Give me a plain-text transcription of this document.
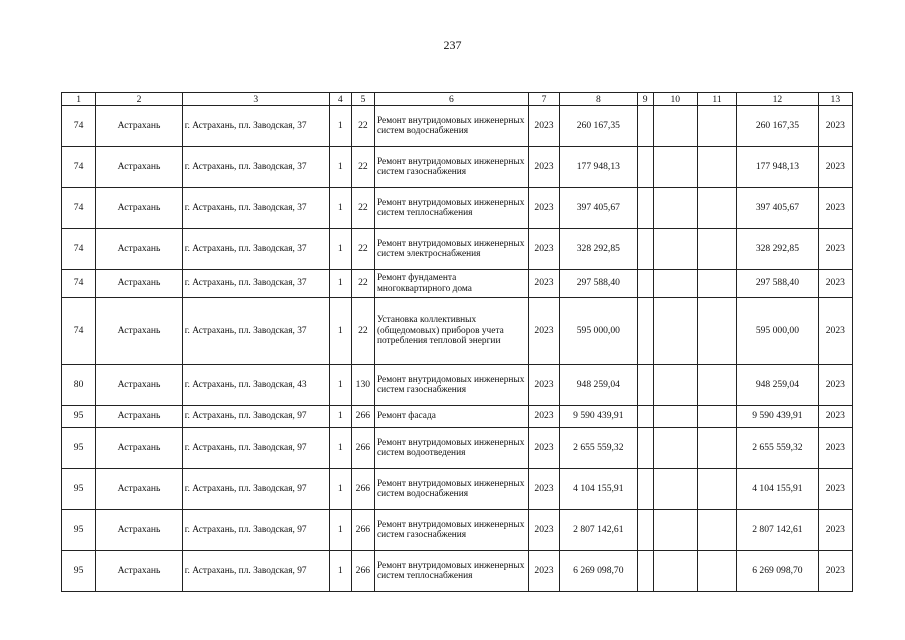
237
1	2	3	4	5	6	7	8	9	10	11	12	13
74	Астрахань	г. Астрахань, пл. Заводская, 37	1	22	Ремонт внутридомовых инженерных систем водоснабжения	2023	260 167,35				260 167,35	2023
74	Астрахань	г. Астрахань, пл. Заводская, 37	1	22	Ремонт внутридомовых инженерных систем газоснабжения	2023	177 948,13				177 948,13	2023
74	Астрахань	г. Астрахань, пл. Заводская, 37	1	22	Ремонт внутридомовых инженерных систем теплоснабжения	2023	397 405,67				397 405,67	2023
74	Астрахань	г. Астрахань, пл. Заводская, 37	1	22	Ремонт внутридомовых инженерных систем электроснабжения	2023	328 292,85				328 292,85	2023
74	Астрахань	г. Астрахань, пл. Заводская, 37	1	22	Ремонт фундамента многоквартирного дома	2023	297 588,40				297 588,40	2023
74	Астрахань	г. Астрахань, пл. Заводская, 37	1	22	Установка коллективных (общедомовых) приборов учета потребления тепловой энергии	2023	595 000,00				595 000,00	2023
80	Астрахань	г. Астрахань, пл. Заводская, 43	1	130	Ремонт внутридомовых инженерных систем газоснабжения	2023	948 259,04				948 259,04	2023
95	Астрахань	г. Астрахань, пл. Заводская, 97	1	266	Ремонт фасада	2023	9 590 439,91				9 590 439,91	2023
95	Астрахань	г. Астрахань, пл. Заводская, 97	1	266	Ремонт внутридомовых инженерных систем водоотведения	2023	2 655 559,32				2 655 559,32	2023
95	Астрахань	г. Астрахань, пл. Заводская, 97	1	266	Ремонт внутридомовых инженерных систем водоснабжения	2023	4 104 155,91				4 104 155,91	2023
95	Астрахань	г. Астрахань, пл. Заводская, 97	1	266	Ремонт внутридомовых инженерных систем газоснабжения	2023	2 807 142,61				2 807 142,61	2023
95	Астрахань	г. Астрахань, пл. Заводская, 97	1	266	Ремонт внутридомовых инженерных систем теплоснабжения	2023	6 269 098,70				6 269 098,70	2023
